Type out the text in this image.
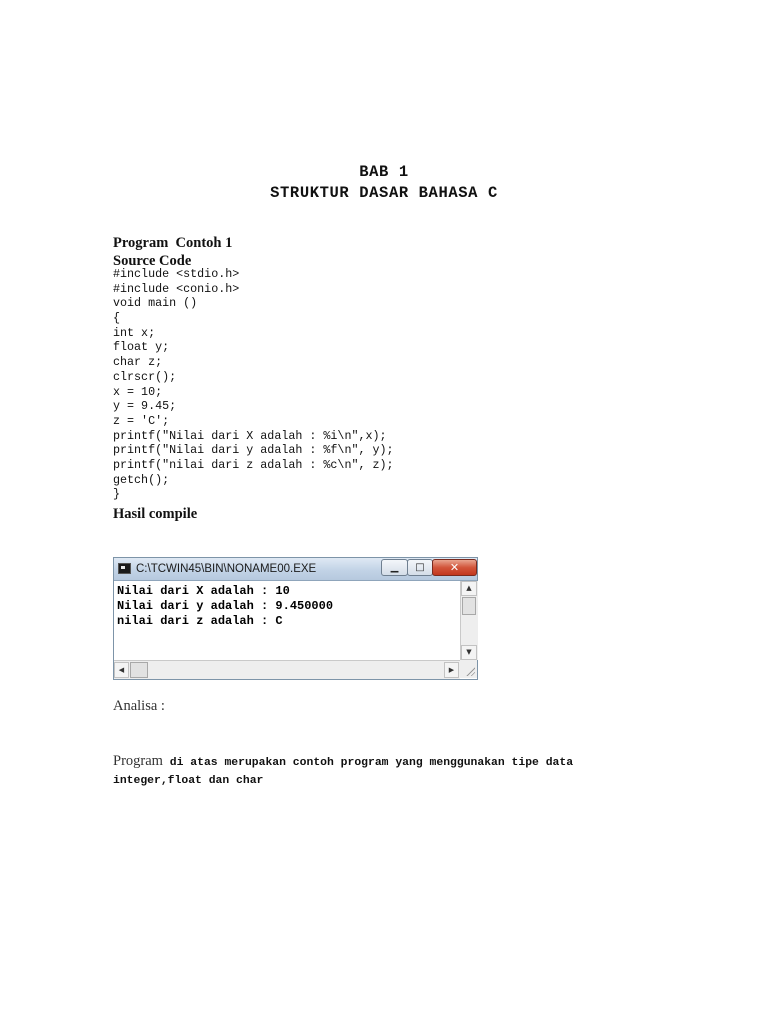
BAB 1
STRUKTUR DASAR BAHASA C
Program  Contoh 1
Source Code
#include <stdio.h>
#include <conio.h>
void main ()
{
int x;
float y;
char z;
clrscr();
x = 10;
y = 9.45;
z = 'C';
printf("Nilai dari X adalah : %i\n",x);
printf("Nilai dari y adalah : %f\n", y);
printf("nilai dari z adalah : %c\n", z);
getch();
}
Hasil compile
C:\TCWIN45\BIN\NONAME00.EXE	▁	□	✕
Nilai dari X adalah : 10
Nilai dari y adalah : 9.450000
nilai dari z adalah : C
▲
▼
◀	▶
Analisa :
Program di atas merupakan contoh program yang menggunakan tipe data integer,float dan char
